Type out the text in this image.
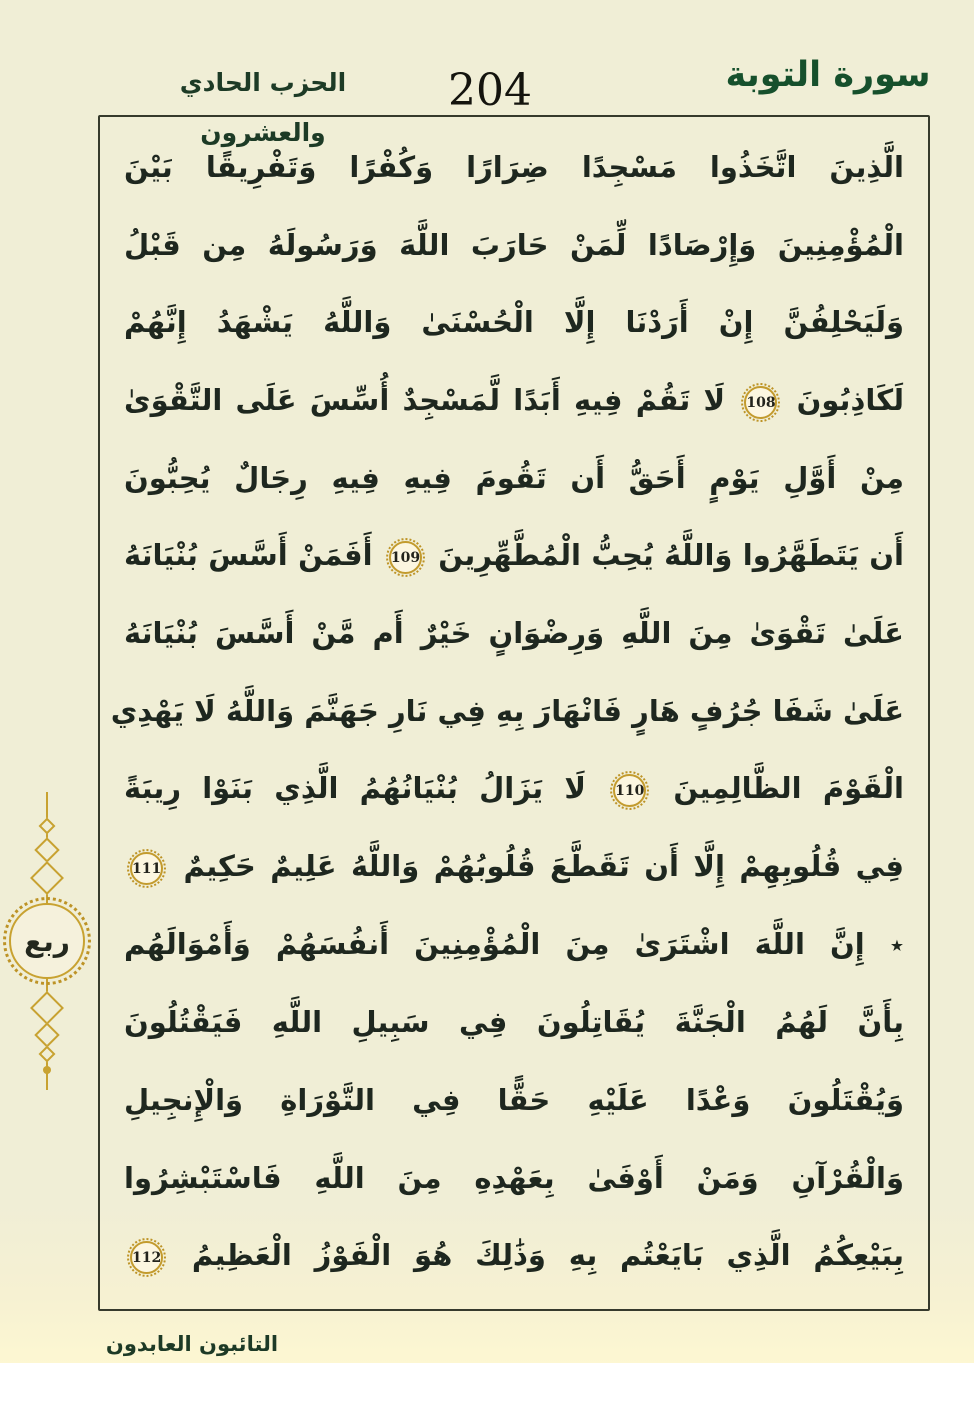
الحزب الحادي والعشرون
204	سورة التوبة
ربع
الَّذِينَ اتَّخَذُوا مَسْجِدًا ضِرَارًا وَكُفْرًا وَتَفْرِيقًا بَيْنَ
الْمُؤْمِنِينَ وَإِرْصَادًا لِّمَنْ حَارَبَ اللَّهَ وَرَسُولَهُ مِن قَبْلُ
وَلَيَحْلِفُنَّ إِنْ أَرَدْنَا إِلَّا الْحُسْنَىٰ وَاللَّهُ يَشْهَدُ إِنَّهُمْ
لَكَاذِبُونَ 108 لَا تَقُمْ فِيهِ أَبَدًا لَّمَسْجِدٌ أُسِّسَ عَلَى التَّقْوَىٰ
مِنْ أَوَّلِ يَوْمٍ أَحَقُّ أَن تَقُومَ فِيهِ فِيهِ رِجَالٌ يُحِبُّونَ
أَن يَتَطَهَّرُوا وَاللَّهُ يُحِبُّ الْمُطَّهِّرِينَ 109 أَفَمَنْ أَسَّسَ بُنْيَانَهُ
عَلَىٰ تَقْوَىٰ مِنَ اللَّهِ وَرِضْوَانٍ خَيْرٌ أَم مَّنْ أَسَّسَ بُنْيَانَهُ
عَلَىٰ شَفَا جُرُفٍ هَارٍ فَانْهَارَ بِهِ فِي نَارِ جَهَنَّمَ وَاللَّهُ لَا يَهْدِي
الْقَوْمَ الظَّالِمِينَ 110 لَا يَزَالُ بُنْيَانُهُمُ الَّذِي بَنَوْا رِيبَةً
فِي قُلُوبِهِمْ إِلَّا أَن تَقَطَّعَ قُلُوبُهُمْ وَاللَّهُ عَلِيمٌ حَكِيمٌ 111
٭ إِنَّ اللَّهَ اشْتَرَىٰ مِنَ الْمُؤْمِنِينَ أَنفُسَهُمْ وَأَمْوَالَهُم
بِأَنَّ لَهُمُ الْجَنَّةَ يُقَاتِلُونَ فِي سَبِيلِ اللَّهِ فَيَقْتُلُونَ
وَيُقْتَلُونَ وَعْدًا عَلَيْهِ حَقًّا فِي التَّوْرَاةِ وَالْإِنجِيلِ
وَالْقُرْآنِ وَمَنْ أَوْفَىٰ بِعَهْدِهِ مِنَ اللَّهِ فَاسْتَبْشِرُوا
بِبَيْعِكُمُ الَّذِي بَايَعْتُم بِهِ وَذَٰلِكَ هُوَ الْفَوْزُ الْعَظِيمُ 112
التائبون العابدون
